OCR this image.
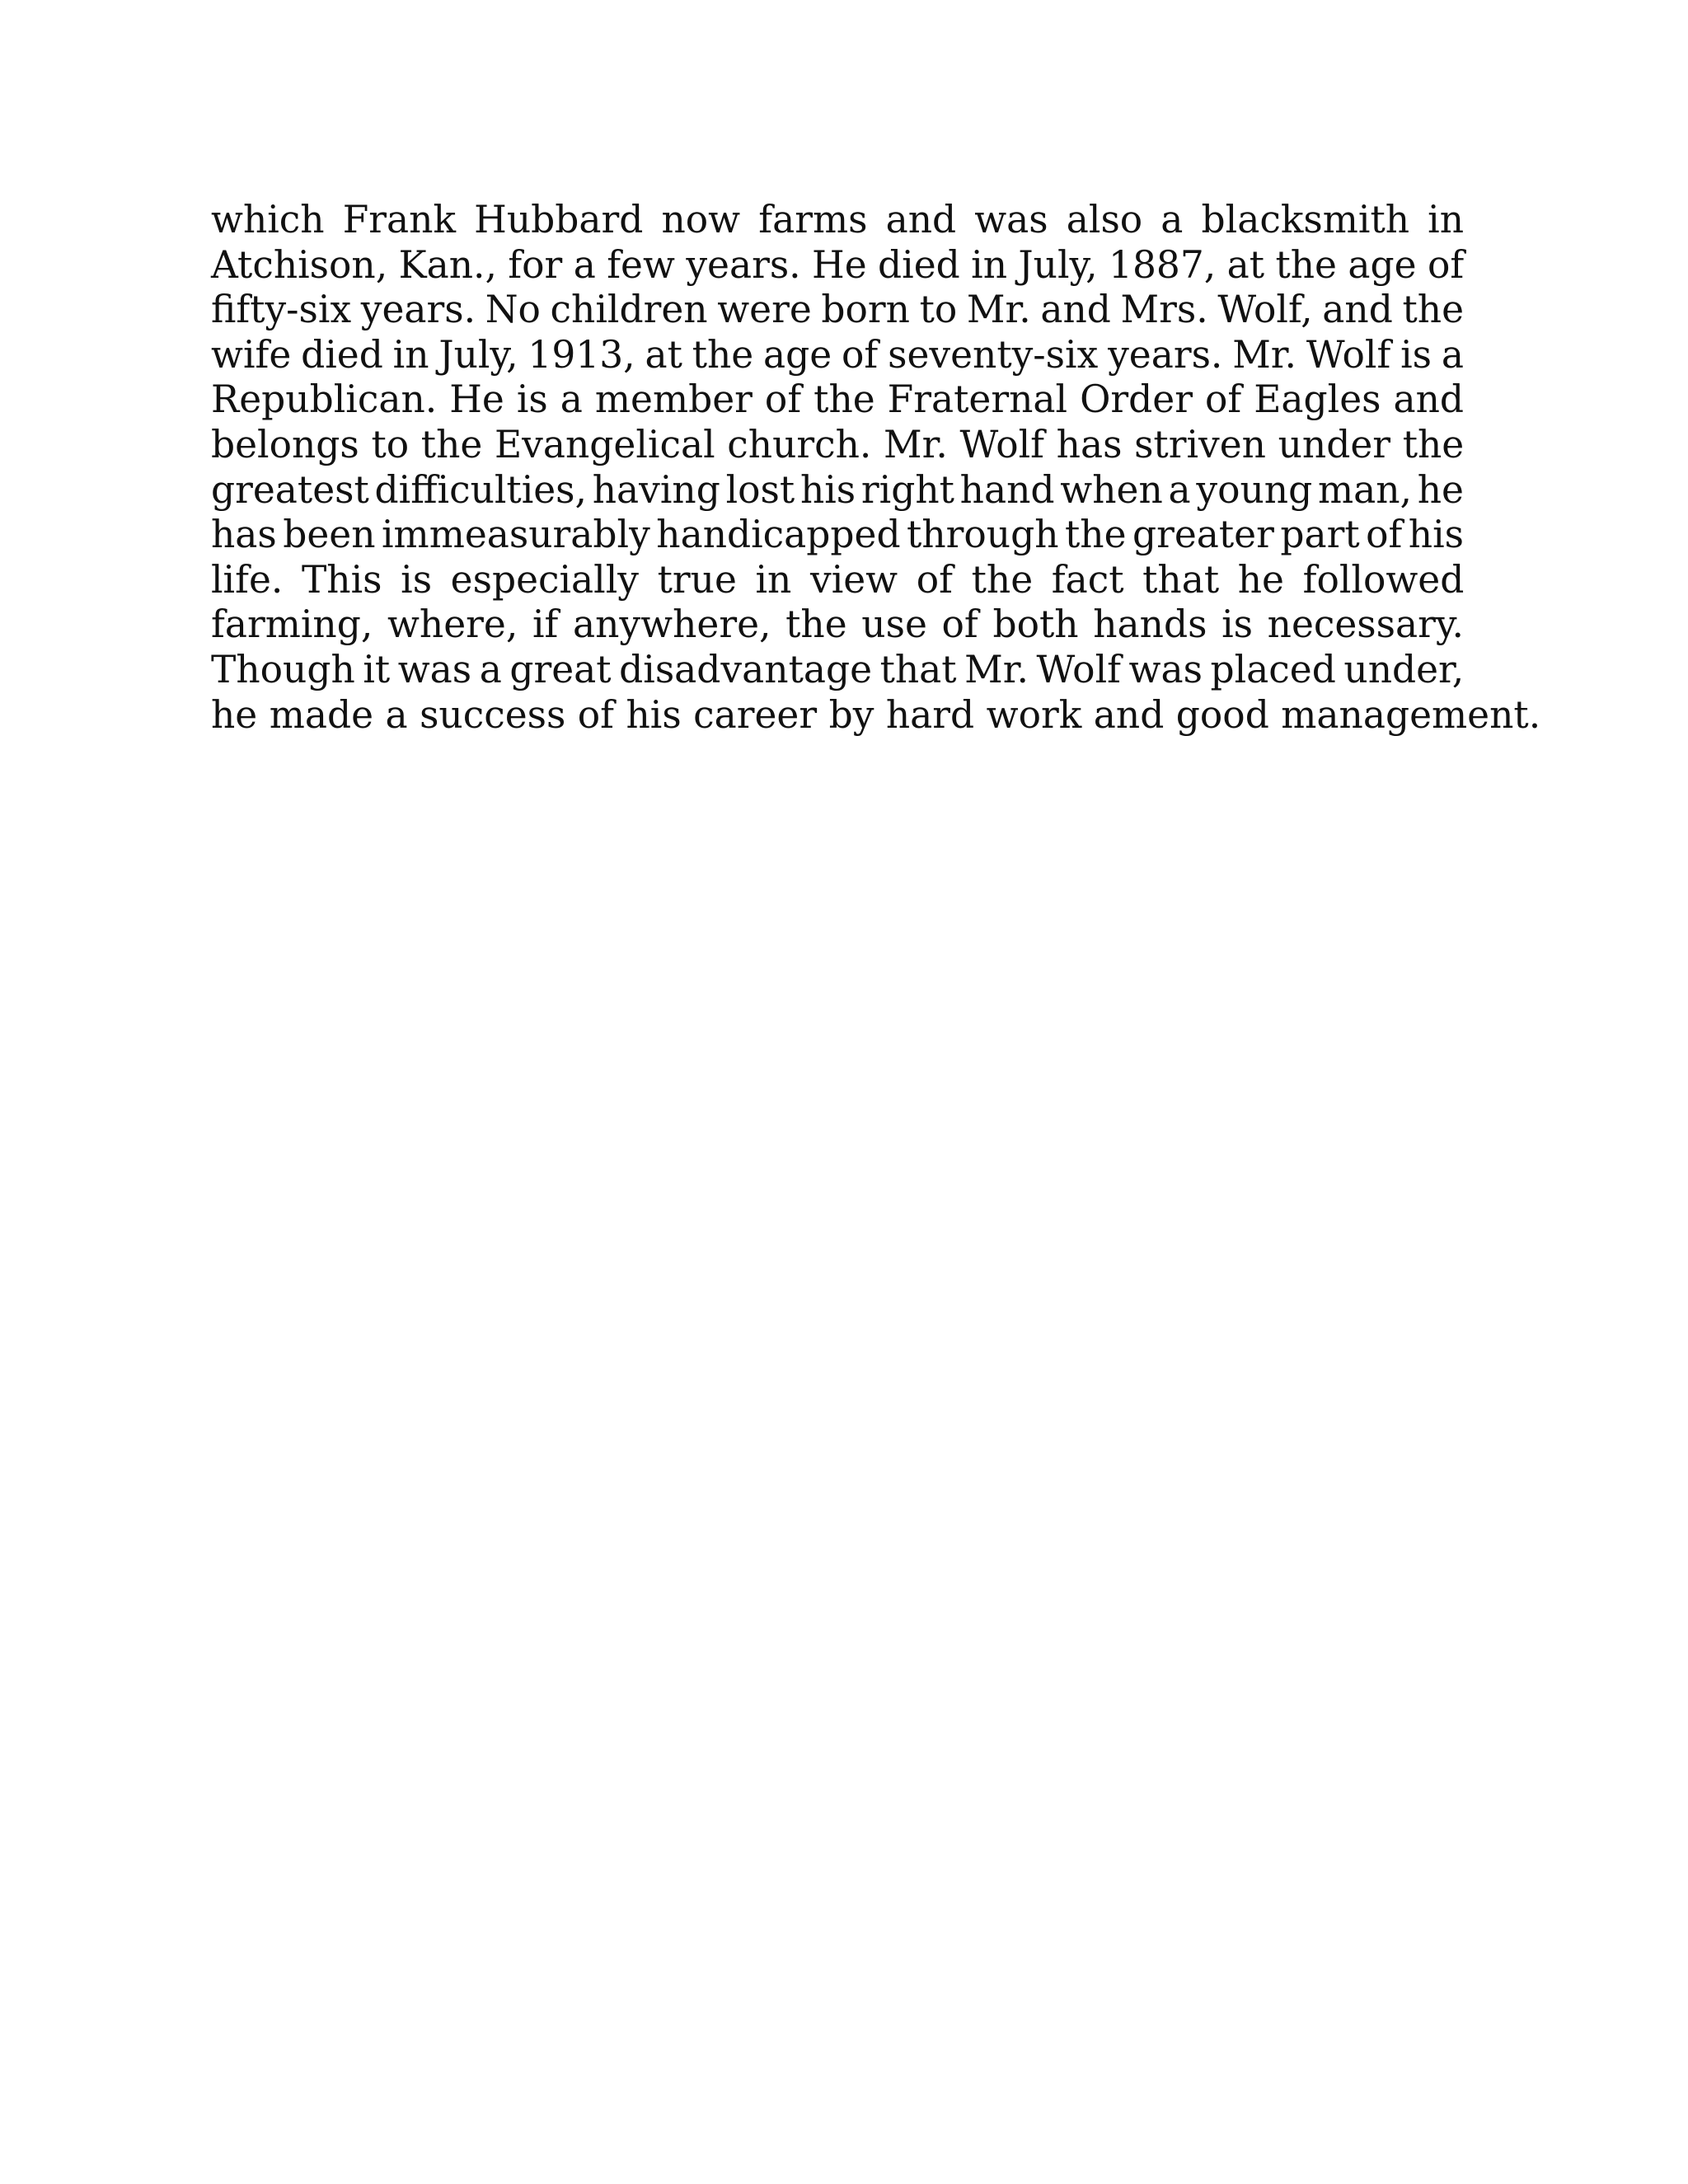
which Frank Hubbard now farms and was also a blacksmith in
Atchison, Kan., for a few years. He died in July, 1887, at the age of
fifty-six years. No children were born to Mr. and Mrs. Wolf, and the
wife died in July, 1913, at the age of seventy-six years. Mr. Wolf is a
Republican. He is a member of the Fraternal Order of Eagles and
belongs to the Evangelical church. Mr. Wolf has striven under the
greatest difficulties, having lost his right hand when a young man, he
has been immeasurably handicapped through the greater part of his
life. This is especially true in view of the fact that he followed
farming, where, if anywhere, the use of both hands is necessary.
Though it was a great disadvantage that Mr. Wolf was placed under,
he made a success of his career by hard work and good management.
